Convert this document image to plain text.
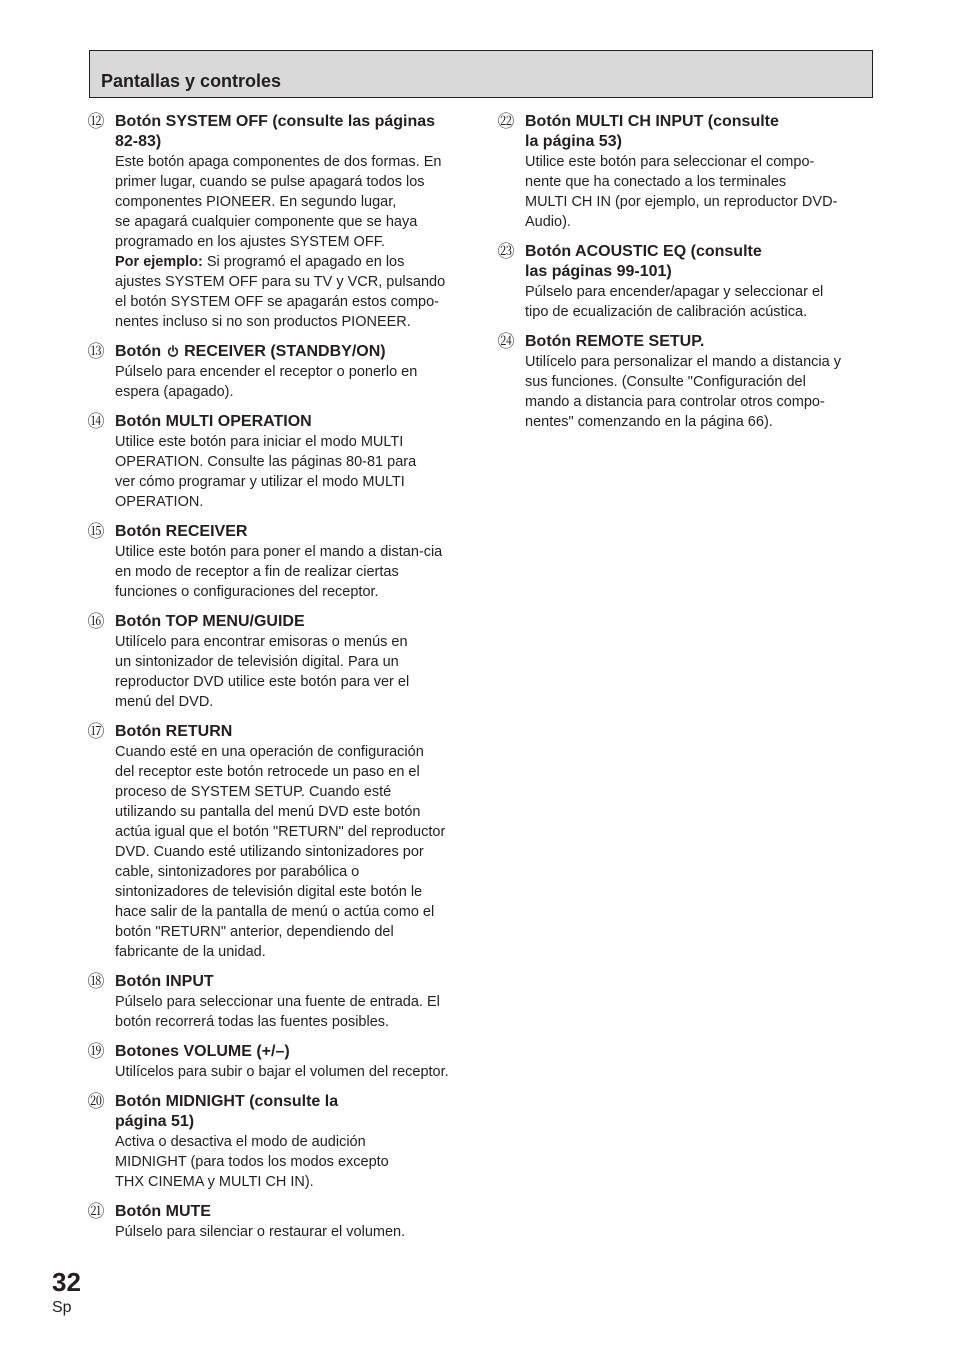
Pantallas y controles
⑫ Botón SYSTEM OFF (consulte las páginas
82-83)
Este botón apaga componentes de dos formas. En
primer lugar, cuando se pulse apagará todos los
componentes PIONEER. En segundo lugar,
se apagará cualquier componente que se haya
programado en los ajustes SYSTEM OFF.
Por ejemplo: Si programó el apagado en los
ajustes SYSTEM OFF para su TV y VCR, pulsando
el botón SYSTEM OFF se apagarán estos compo-
nentes incluso si no son productos PIONEER.
⑬ Botón RECEIVER (STANDBY/ON)
Púlselo para encender el receptor o ponerlo en
espera (apagado).
⑭ Botón MULTI OPERATION
Utilice este botón para iniciar el modo MULTI
OPERATION. Consulte las páginas 80-81 para
ver cómo programar y utilizar el modo MULTI
OPERATION.
⑮ Botón RECEIVER
Utilice este botón para poner el mando a distan-cia
en modo de receptor a fin de realizar ciertas
funciones o configuraciones del receptor.
⑯ Botón TOP MENU/GUIDE
Utilícelo para encontrar emisoras o menús en
un sintonizador de televisión digital. Para un
reproductor DVD utilice este botón para ver el
menú del DVD.
⑰ Botón RETURN
Cuando esté en una operación de configuración
del receptor este botón retrocede un paso en el
proceso de SYSTEM SETUP. Cuando esté
utilizando su pantalla del menú DVD este botón
actúa igual que el botón "RETURN" del reproductor
DVD. Cuando esté utilizando sintonizadores por
cable, sintonizadores por parabólica o
sintonizadores de televisión digital este botón le
hace salir de la pantalla de menú o actúa como el
botón "RETURN" anterior, dependiendo del
fabricante de la unidad.
⑱ Botón INPUT
Púlselo para seleccionar una fuente de entrada. El
botón recorrerá todas las fuentes posibles.
⑲ Botones VOLUME (+/–)
Utilícelos para subir o bajar el volumen del receptor.
⑳ Botón MIDNIGHT (consulte la
página 51)
Activa o desactiva el modo de audición
MIDNIGHT (para todos los modos excepto
THX CINEMA y MULTI CH IN).
㉑ Botón MUTE
Púlselo para silenciar o restaurar el volumen.
㉒ Botón MULTI CH INPUT (consulte
la página 53)
Utilice este botón para seleccionar el compo-
nente que ha conectado a los terminales
MULTI CH IN (por ejemplo, un reproductor DVD-
Audio).
㉓ Botón ACOUSTIC EQ (consulte
las páginas 99-101)
Púlselo para encender/apagar y seleccionar el
tipo de ecualización de calibración acústica.
㉔ Botón REMOTE SETUP.
Utilícelo para personalizar el mando a distancia y
sus funciones. (Consulte "Configuración del
mando a distancia para controlar otros compo-
nentes" comenzando en la página 66).
32
Sp
